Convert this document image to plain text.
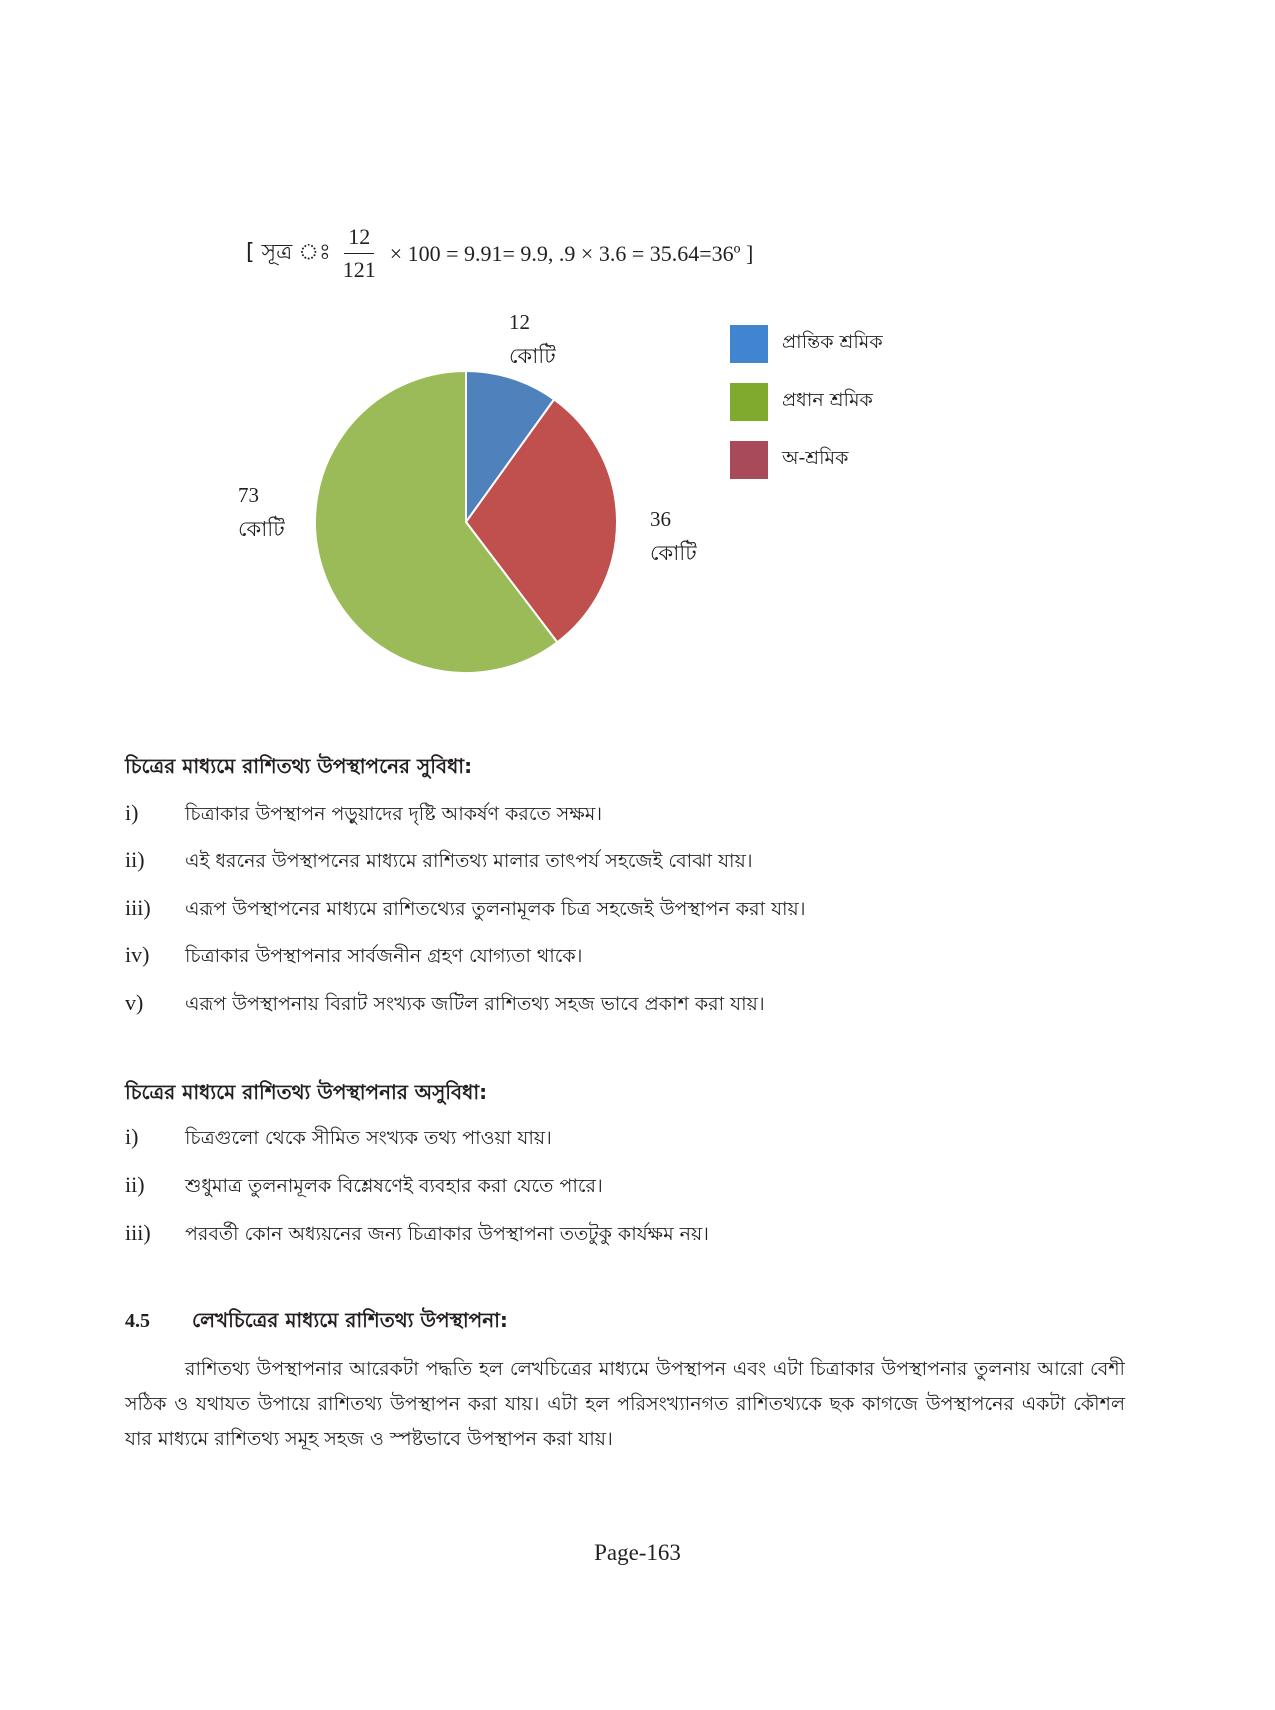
[ সূত্র ঃ $\frac{12}{121} \times 100 = 9.91= 9.9$, .9 × 3.6 = 35.64=36º ]
12
কোটি
36
কোটি
73
কোটি
প্রান্তিক শ্রমিক
প্রধান শ্রমিক
অ-শ্রমিক
চিত্রের মাধ্যমে রাশিতথ্য উপস্থাপনের সুবিধা:
i)	চিত্রাকার উপস্থাপন পড়ুয়াদের দৃষ্টি আকর্ষণ করতে সক্ষম।
ii)	এই ধরনের উপস্থাপনের মাধ্যমে রাশিতথ্য মালার তাৎপর্য সহজেই বোঝা যায়।
iii)	এরূপ উপস্থাপনের মাধ্যমে রাশিতথ্যের তুলনামূলক চিত্র সহজেই উপস্থাপন করা যায়।
iv)	চিত্রাকার উপস্থাপনার সার্বজনীন গ্রহণ যোগ্যতা থাকে।
v)	এরূপ উপস্থাপনায় বিরাট সংখ্যক জটিল রাশিতথ্য সহজ ভাবে প্রকাশ করা যায়।
চিত্রের মাধ্যমে রাশিতথ্য উপস্থাপনার অসুবিধা:
i)	চিত্রগুলো থেকে সীমিত সংখ্যক তথ্য পাওয়া যায়।
ii)	শুধুমাত্র তুলনামূলক বিশ্লেষণেই ব্যবহার করা যেতে পারে।
iii)	পরবর্তী কোন অধ্যয়নের জন্য চিত্রাকার উপস্থাপনা ততটুকু কার্যক্ষম নয়।
4.5 লেখচিত্রের মাধ্যমে রাশিতথ্য উপস্থাপনা:
রাশিতথ্য উপস্থাপনার আরেকটা পদ্ধতি হল লেখচিত্রের মাধ্যমে উপস্থাপন এবং এটা চিত্রাকার উপস্থাপনার তুলনায় আরো বেশী সঠিক ও যথাযত উপায়ে রাশিতথ্য উপস্থাপন করা যায়। এটা হল পরিসংখ্যানগত রাশিতথ্যকে ছক কাগজে উপস্থাপনের একটা কৌশল যার মাধ্যমে রাশিতথ্য সমূহ সহজ ও স্পষ্টভাবে উপস্থাপন করা যায়।
Page-163
